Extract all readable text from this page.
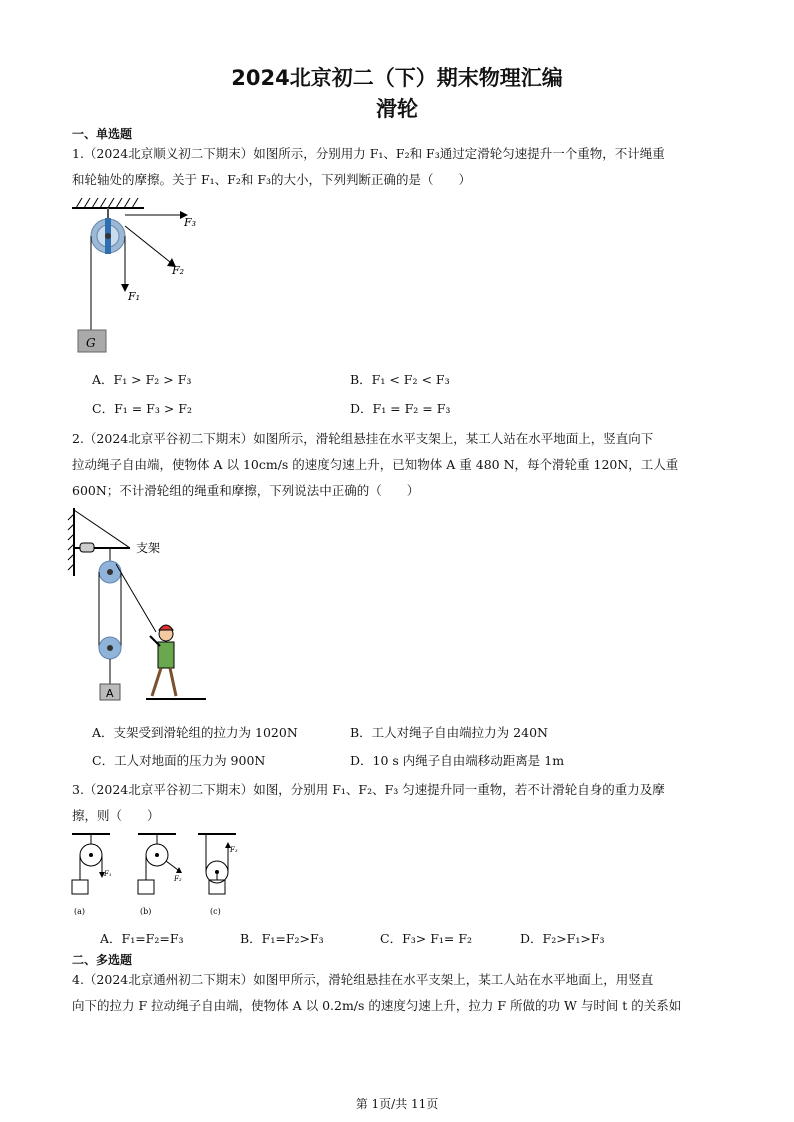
2024北京初二（下）期末物理汇编
滑轮
一、单选题
1.（2024北京顺义初二下期末）如图所示，分别用力 F₁、F₂和 F₃通过定滑轮匀速提升一个重物，不计绳重
和轮轴处的摩擦。关于 F₁、F₂和 F₃的大小，下列判断正确的是（　　）
F₃
F₂
F₁
G
A．F₁ > F₂ > F₃	B．F₁ < F₂ < F₃
C．F₁ = F₃ > F₂	D．F₁ = F₂ = F₃
2.（2024北京平谷初二下期末）如图所示，滑轮组悬挂在水平支架上，某工人站在水平地面上，竖直向下
拉动绳子自由端，使物体 A 以 10cm/s 的速度匀速上升，已知物体 A 重 480 N，每个滑轮重 120N，工人重
600N；不计滑轮组的绳重和摩擦，下列说法中正确的（　　）
支架
A
A．支架受到滑轮组的拉力为 1020N	B．工人对绳子自由端拉力为 240N
C．工人对地面的压力为 900N	D．10 s 内绳子自由端移动距离是 1m
3.（2024北京平谷初二下期末）如图，分别用 F₁、F₂、F₃ 匀速提升同一重物，若不计滑轮自身的重力及摩
擦，则（　　）
F₁
(a)
F₂
(b)
F₃
(c)
A．F₁=F₂=F₃	B．F₁=F₂>F₃	C．F₃> F₁= F₂	D．F₂>F₁>F₃
二、多选题
4.（2024北京通州初二下期末）如图甲所示，滑轮组悬挂在水平支架上，某工人站在水平地面上，用竖直
向下的拉力 F 拉动绳子自由端，使物体 A 以 0.2m/s 的速度匀速上升，拉力 F 所做的功 W 与时间 t 的关系如
第 1页/共 11页
